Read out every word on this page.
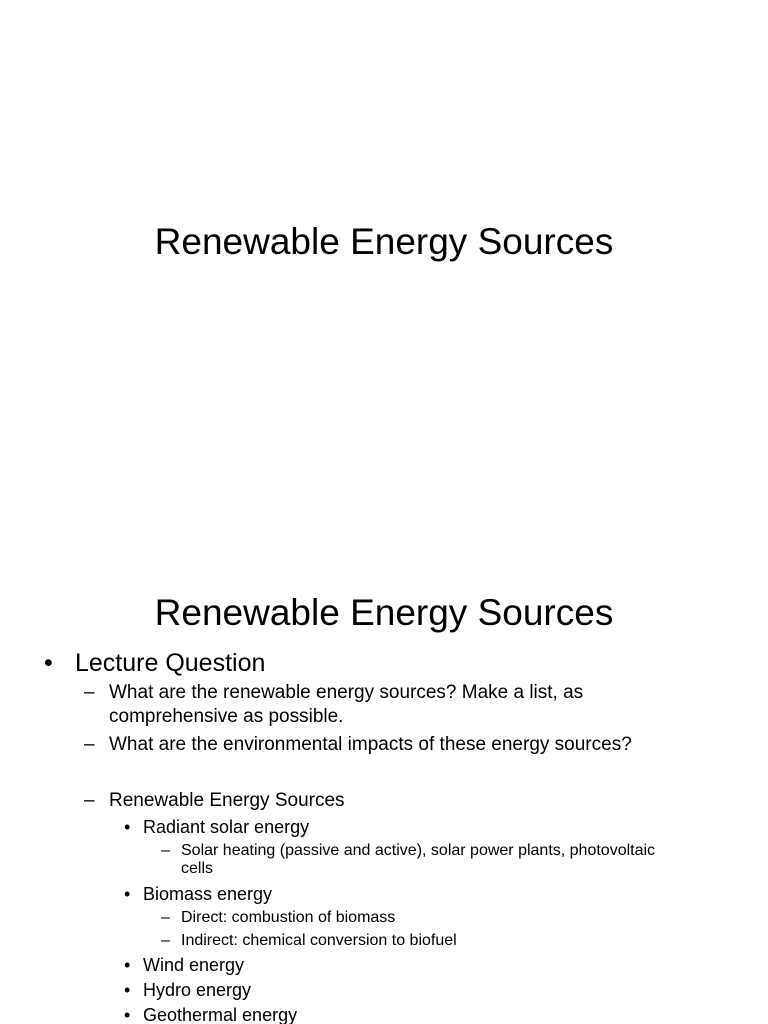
Renewable Energy Sources
Renewable Energy Sources
• Lecture Question
– What are the renewable energy sources? Make a list, as
comprehensive as possible.
– What are the environmental impacts of these energy sources?
– Renewable Energy Sources
• Radiant solar energy
– Solar heating (passive and active), solar power plants, photovoltaic
cells
• Biomass energy
– Direct: combustion of biomass
– Indirect: chemical conversion to biofuel
• Wind energy
• Hydro energy
• Geothermal energy
